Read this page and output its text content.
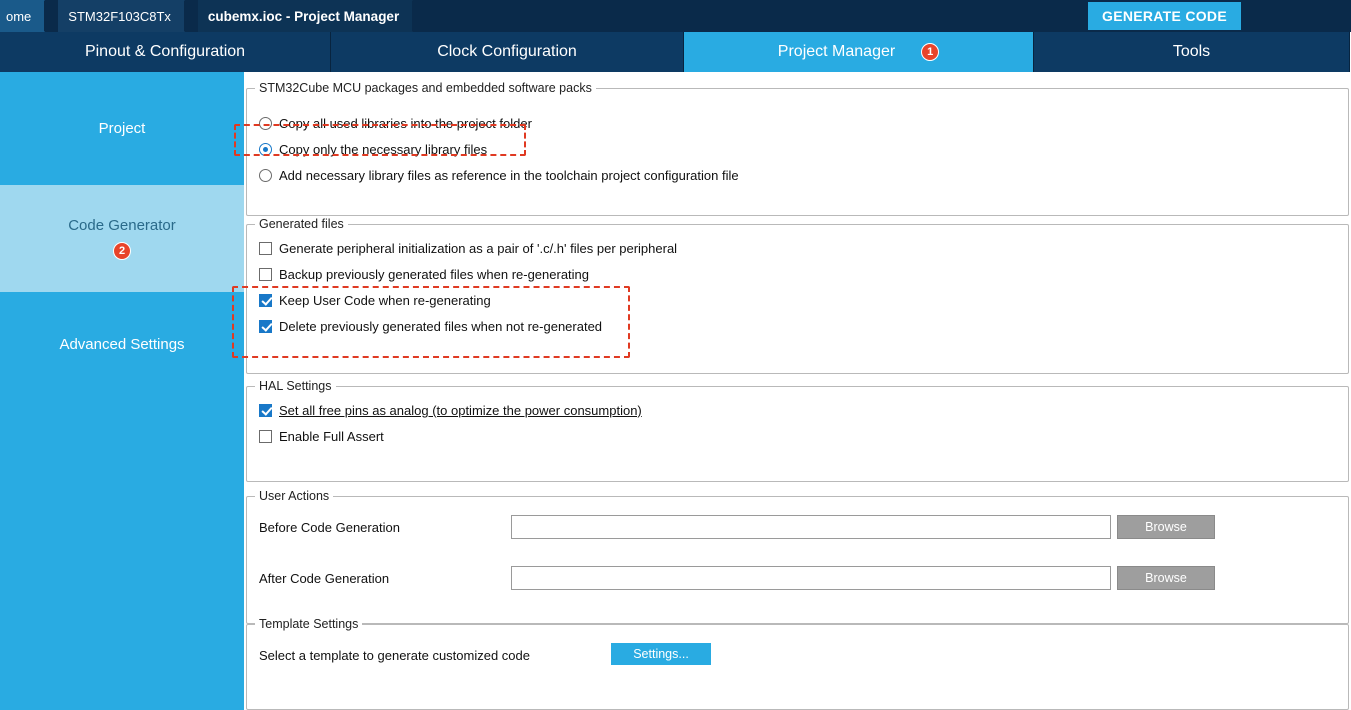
ome	STM32F103C8Tx	cubemx.ioc - Project Manager	GENERATE CODE
Pinout & Configuration	Clock Configuration	Project Manager	1	Tools
Project
Code Generator
2
Advanced Settings
STM32Cube MCU packages and embedded software packs
Copy all used libraries into the project folder
Copy only the necessary library files
Add necessary library files as reference in the toolchain project configuration file
Generated files
Generate peripheral initialization as a pair of '.c/.h' files per peripheral
Backup previously generated files when re-generating
Keep User Code when re-generating
Delete previously generated files when not re-generated
HAL Settings
Set all free pins as analog (to optimize the power consumption)
Enable Full Assert
User Actions
Before Code Generation	Browse
After Code Generation	Browse
Template Settings
Select a template to generate customized code	Settings...
